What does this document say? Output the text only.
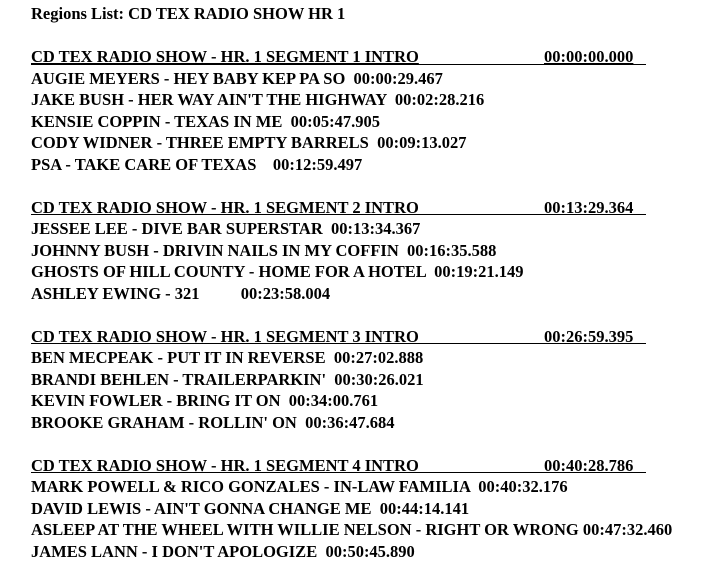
Regions List: CD TEX RADIO SHOW HR 1
CD TEX RADIO SHOW - HR. 1 SEGMENT 1 INTRO	00:00:00.000
AUGIE MEYERS - HEY BABY KEP PA SO  00:00:29.467
JAKE BUSH - HER WAY AIN'T THE HIGHWAY  00:02:28.216
KENSIE COPPIN - TEXAS IN ME  00:05:47.905
CODY WIDNER - THREE EMPTY BARRELS  00:09:13.027
PSA - TAKE CARE OF TEXAS    00:12:59.497
CD TEX RADIO SHOW - HR. 1 SEGMENT 2 INTRO	00:13:29.364
JESSEE LEE - DIVE BAR SUPERSTAR  00:13:34.367
JOHNNY BUSH - DRIVIN NAILS IN MY COFFIN  00:16:35.588
GHOSTS OF HILL COUNTY - HOME FOR A HOTEL  00:19:21.149
ASHLEY EWING - 321          00:23:58.004
CD TEX RADIO SHOW - HR. 1 SEGMENT 3 INTRO	00:26:59.395
BEN MECPEAK - PUT IT IN REVERSE  00:27:02.888
BRANDI BEHLEN - TRAILERPARKIN'  00:30:26.021
KEVIN FOWLER - BRING IT ON  00:34:00.761
BROOKE GRAHAM - ROLLIN' ON  00:36:47.684
CD TEX RADIO SHOW - HR. 1 SEGMENT 4 INTRO	00:40:28.786
MARK POWELL & RICO GONZALES - IN-LAW FAMILIA  00:40:32.176
DAVID LEWIS - AIN'T GONNA CHANGE ME  00:44:14.141
ASLEEP AT THE WHEEL WITH WILLIE NELSON - RIGHT OR WRONG 00:47:32.460
JAMES LANN - I DON'T APOLOGIZE  00:50:45.890
